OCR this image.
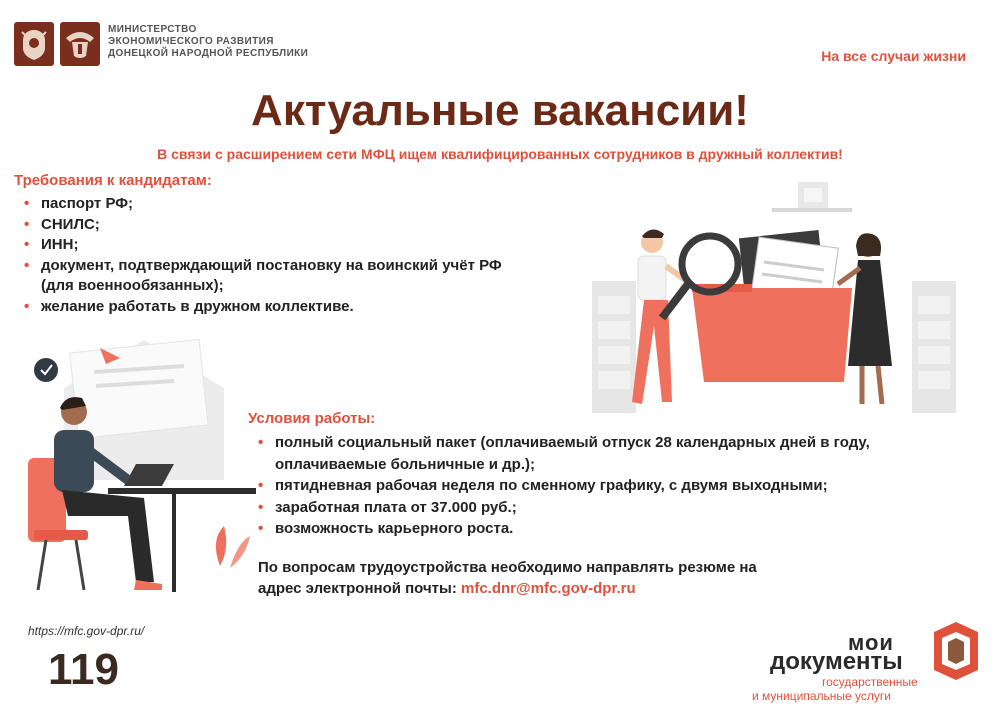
МИНИСТЕРСТВО
ЭКОНОМИЧЕСКОГО РАЗВИТИЯ
ДОНЕЦКОЙ НАРОДНОЙ РЕСПУБЛИКИ	На все случаи жизни
Актуальные вакансии!
В связи с расширением сети МФЦ ищем квалифицированных сотрудников в дружный коллектив!
Требования к кандидатам:
• паспорт РФ;
• СНИЛС;
• ИНН;
• документ, подтверждающий постановку на воинский учёт РФ
(для военнообязанных);
• желание работать в дружном коллективе.
Условия работы:
• полный социальный пакет (оплачиваемый отпуск 28 календарных дней в году,
оплачиваемые больничные и др.);
• пятидневная рабочая неделя по сменному графику, с двумя выходными;
• заработная плата от 37.000 руб.;
• возможность карьерного роста.
По вопросам трудоустройства необходимо направлять резюме на
адрес электронной почты: mfc.dnr@mfc.gov-dpr.ru
https://mfc.gov-dpr.ru/
119
мои
документы
государственные
и муниципальные услуги
